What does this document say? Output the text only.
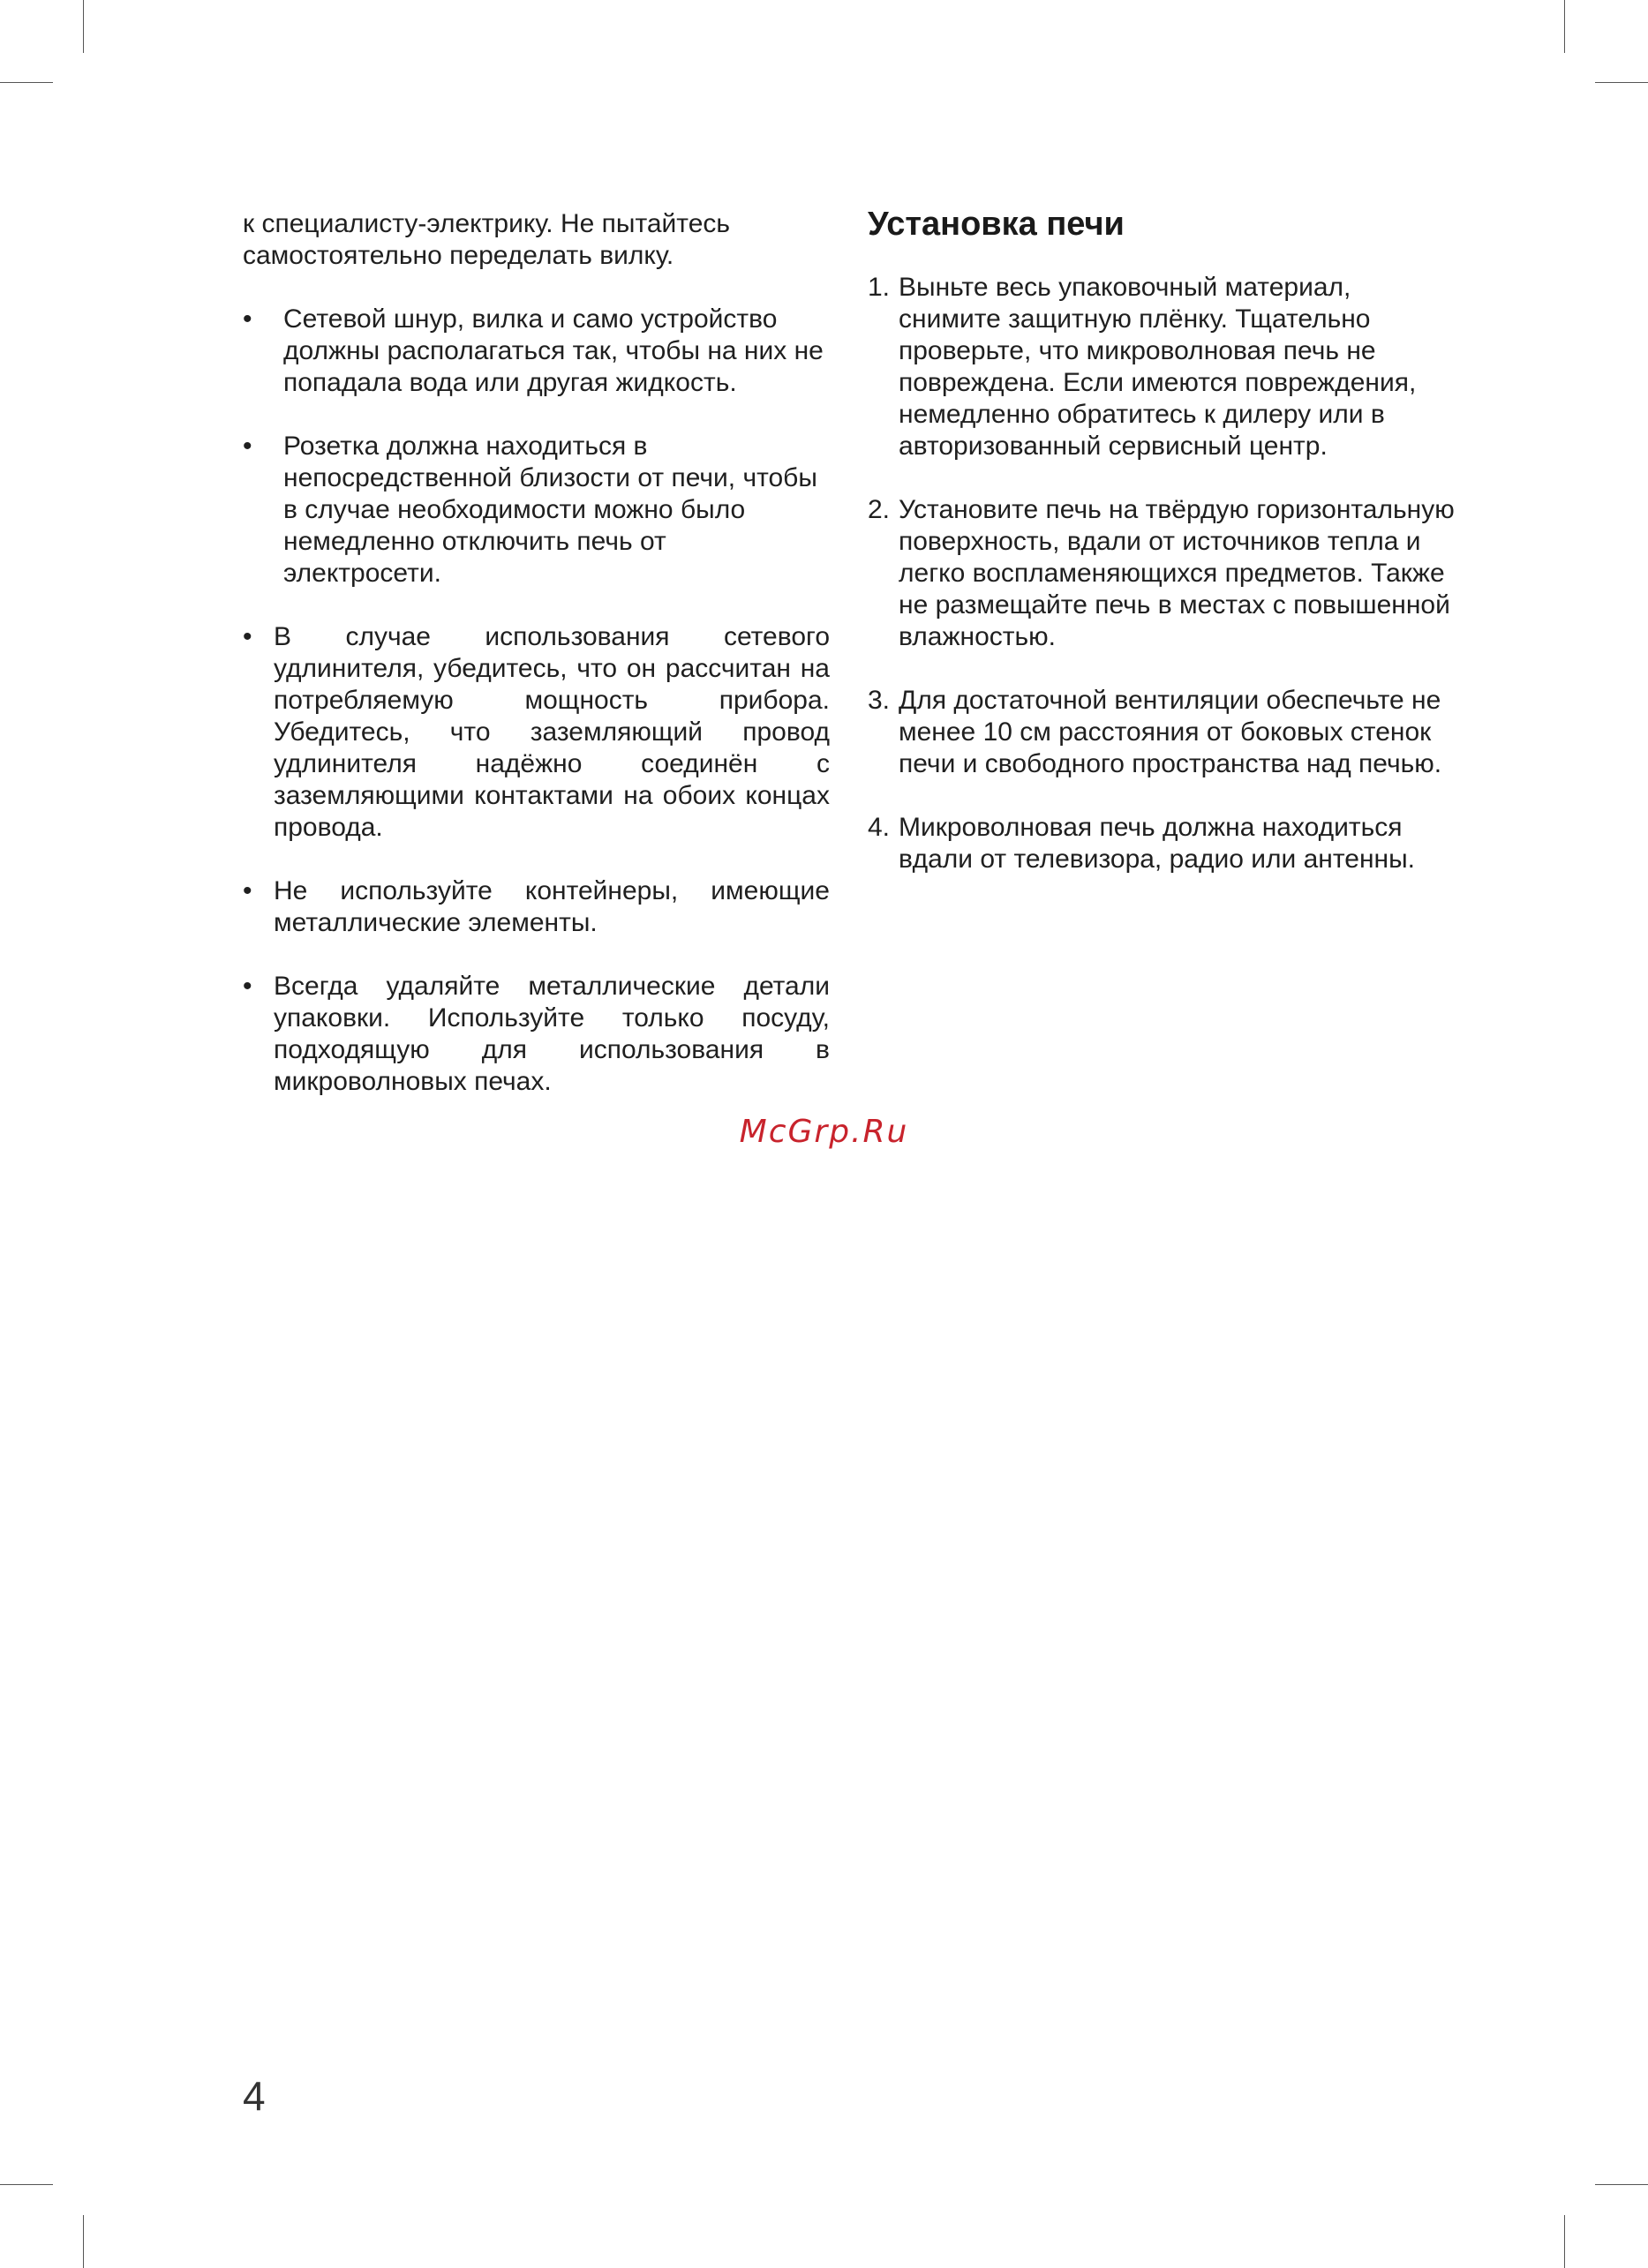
к специалисту-электрику. Не пытайтесь самостоятельно переделать вилку.

•	Сетевой шнур, вилка и само устройство должны располагаться так, чтобы на них не попадала вода или другая жидкость.
•	Розетка должна находиться в непосредственной близости от печи, чтобы в случае необходимости можно было немедленно отключить печь от электросети.
• В случае использования сетевого удлинителя, убедитесь, что он рассчитан на потребляемую мощность прибора. Убедитесь, что заземляющий провод удлинителя надёжно соединён с заземляющими контактами на обоих концах провода.
• Не используйте контейнеры, имеющие металлические элементы.
• Всегда удаляйте металлические детали упаковки. Используйте только посуду, подходящую для использования в микроволновых печах.
Установка печи
1. Выньте весь упаковочный материал, снимите защитную плёнку. Тщательно проверьте, что микроволновая печь не повреждена. Если имеются повреждения, немедленно обратитесь к дилеру или в авторизованный сервисный центр.
2. Установите печь на твёрдую горизонтальную поверхность, вдали от источников тепла и легко воспламеняющихся предметов. Также не размещайте печь в местах с повышенной влажностью.
3. Для достаточной вентиляции обеспечьте не менее 10 см расстояния от боковых стенок печи и свободного пространства над печью.
4. Микроволновая печь должна находиться вдали от телевизора, радио или антенны.
McGrp.Ru
4
